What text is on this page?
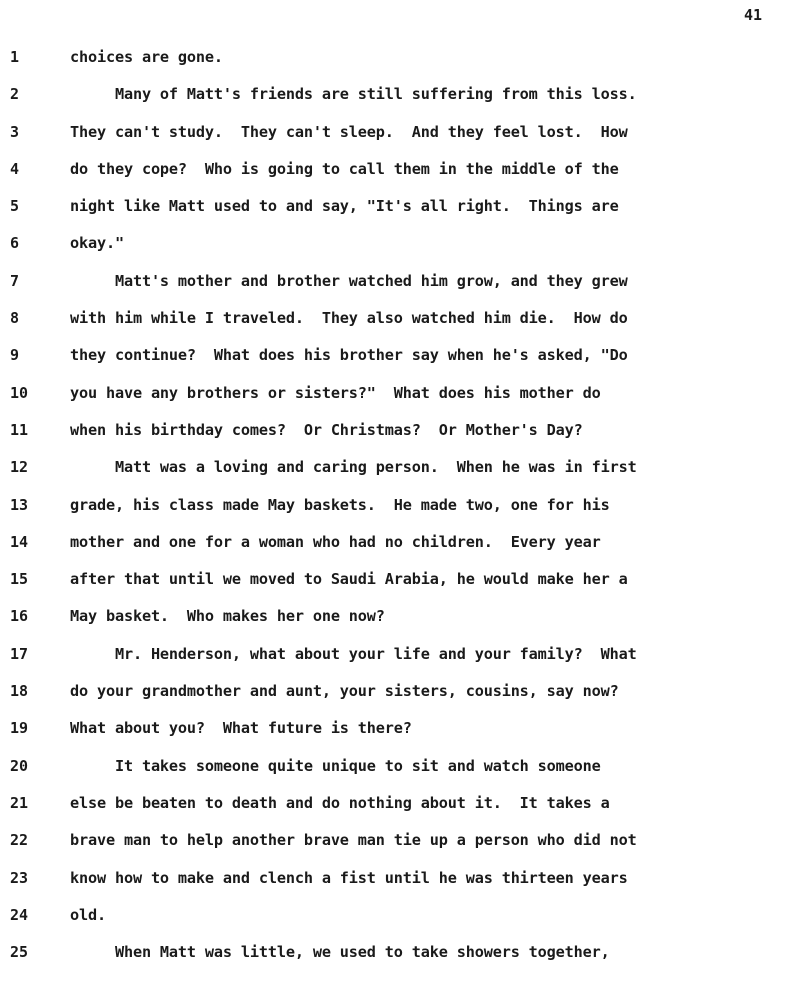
41
1	choices are gone.
2	Many of Matt's friends are still suffering from this loss.
3	They can't study.  They can't sleep.  And they feel lost.  How
4	do they cope?  Who is going to call them in the middle of the
5	night like Matt used to and say, "It's all right.  Things are
6	okay."
7	Matt's mother and brother watched him grow, and they grew
8	with him while I traveled.  They also watched him die.  How do
9	they continue?  What does his brother say when he's asked, "Do
10	you have any brothers or sisters?"  What does his mother do
11	when his birthday comes?  Or Christmas?  Or Mother's Day?
12	Matt was a loving and caring person.  When he was in first
13	grade, his class made May baskets.  He made two, one for his
14	mother and one for a woman who had no children.  Every year
15	after that until we moved to Saudi Arabia, he would make her a
16	May basket.  Who makes her one now?
17	Mr. Henderson, what about your life and your family?  What
18	do your grandmother and aunt, your sisters, cousins, say now?
19	What about you?  What future is there?
20	It takes someone quite unique to sit and watch someone
21	else be beaten to death and do nothing about it.  It takes a
22	brave man to help another brave man tie up a person who did not
23	know how to make and clench a fist until he was thirteen years
24	old.
25	When Matt was little, we used to take showers together,
